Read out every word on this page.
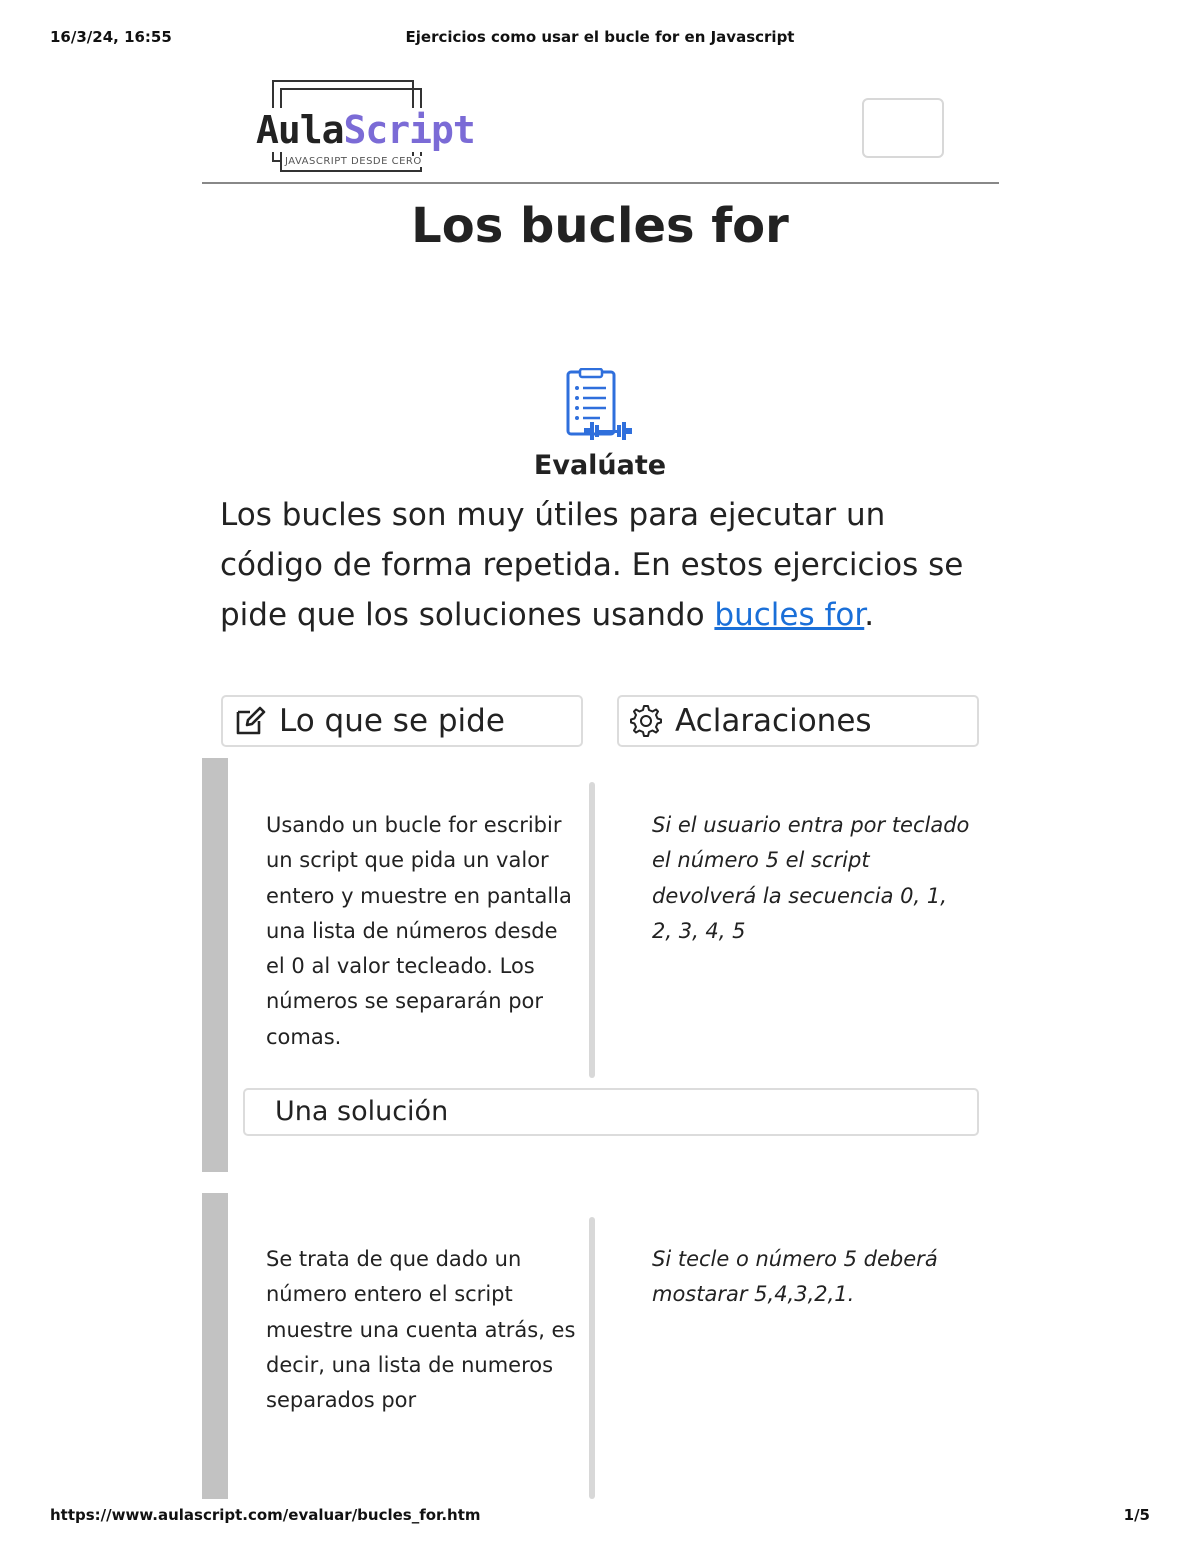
16/3/24, 16:55	Ejercicios como usar el bucle for en Javascript
AulaScript
JAVASCRIPT DESDE CERO
Los bucles for
Evalúate

Los bucles son muy útiles para ejecutar un código de forma repetida. En estos ejercicios se pide que los soluciones usando bucles for.

Lo que se pide	Aclaraciones

Usando un bucle for escribir un script que pida un valor entero y muestre en pantalla una lista de números desde el 0 al valor tecleado. Los números se separarán por comas.

Si el usuario entra por teclado el número 5 el script devolverá la secuencia 0, 1, 2, 3, 4, 5

Una solución

Se trata de que dado un número entero el script muestre una cuenta atrás, es decir, una lista de numeros separados por

Si tecle o número 5 deberá mostarar 5,4,3,2,1.

https://www.aulascript.com/evaluar/bucles_for.htm	1/5
